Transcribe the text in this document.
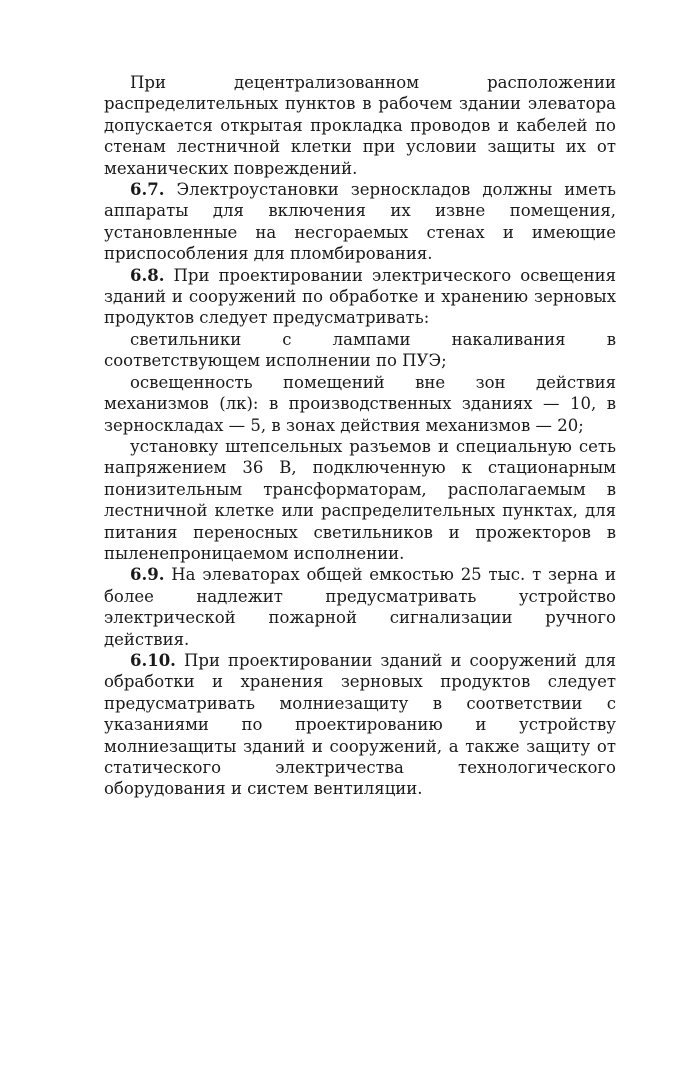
При децентрализованном расположении распределительных пунктов в рабочем здании элеватора допускается открытая прокладка проводов и кабелей по стенам лестничной клетки при условии защиты их от механических повреждений.

6.7. Электроустановки зерноскладов должны иметь аппараты для включения их извне помещения, установленные на несгораемых стенах и имеющие приспособления для пломбирования.

6.8. При проектировании электрического освещения зданий и сооружений по обработке и хранению зерновых продуктов следует предусматривать:

светильники с лампами накаливания в соответствующем исполнении по ПУЭ;

освещенность помещений вне зон действия механизмов (лк): в производственных зданиях — 10, в зерноскладах — 5, в зонах действия механизмов — 20;

установку штепсельных разъемов и специальную сеть напряжением 36 В, подключенную к стационарным понизительным трансформаторам, располагаемым в лестничной клетке или распределительных пунктах, для питания переносных светильников и прожекторов в пыленепроницаемом исполнении.

6.9. На элеваторах общей емкостью 25 тыс. т зерна и более надлежит предусматривать устройство электрической пожарной сигнализации ручного действия.

6.10. При проектировании зданий и сооружений для обработки и хранения зерновых продуктов следует предусматривать молниезащиту в соответствии с указаниями по проектированию и устройству молниезащиты зданий и сооружений, а также защиту от статического электричества технологического оборудования и систем вентиляции.
